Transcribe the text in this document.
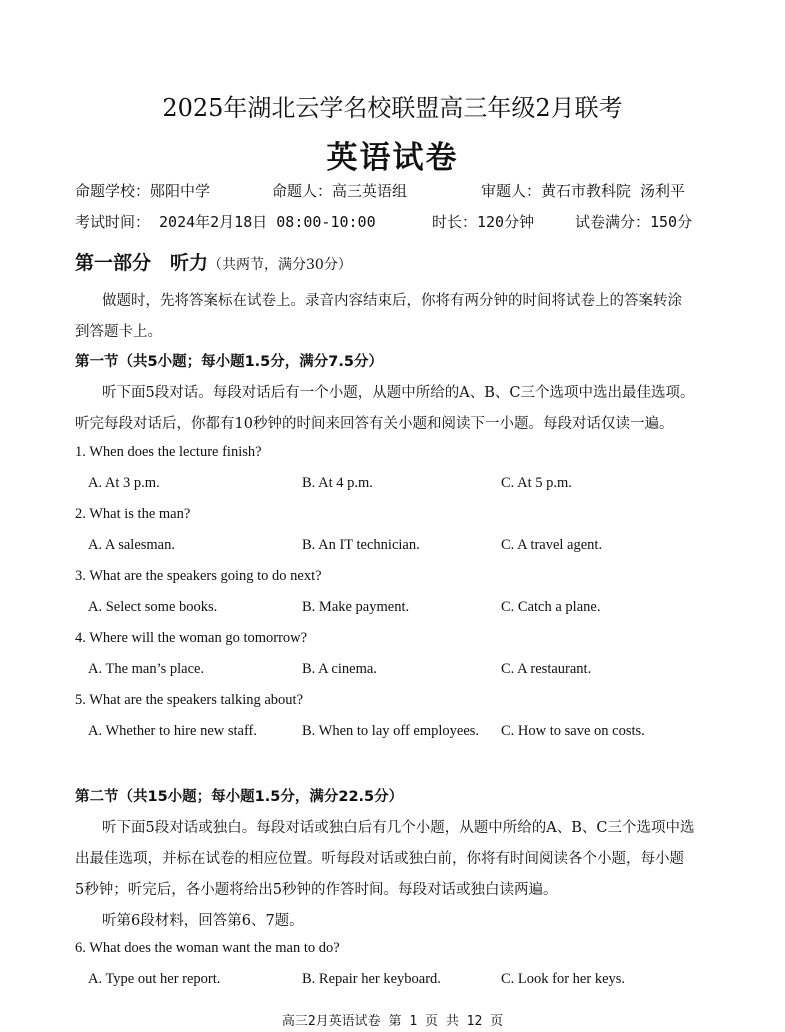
2025年湖北云学名校联盟高三年级2月联考
英语试卷
命题学校：郧阳中学	命题人：高三英语组	审题人：黄石市教科院 汤利平
考试时间： 2024年2月18日 08:00-10:00	时长：120分钟	试卷满分：150分
第一部分　听力（共两节，满分30分）
做题时，先将答案标在试卷上。录音内容结束后，你将有两分钟的时间将试卷上的答案转涂
到答题卡上。
第一节（共5小题；每小题1.5分，满分7.5分）
听下面5段对话。每段对话后有一个小题，从题中所给的A、B、C三个选项中选出最佳选项。
听完每段对话后，你都有10秒钟的时间来回答有关小题和阅读下一小题。每段对话仅读一遍。
1. When does the lecture finish?
A. At 3 p.m.	B. At 4 p.m.	C. At 5 p.m.
2. What is the man?
A. A salesman.	B. An IT technician.	C. A travel agent.
3. What are the speakers going to do next?
A. Select some books.	B. Make payment.	C. Catch a plane.
4. Where will the woman go tomorrow?
A. The man’s place.	B. A cinema.	C. A restaurant.
5. What are the speakers talking about?
A. Whether to hire new staff.	B. When to lay off employees. C. How to save on costs.
第二节（共15小题；每小题1.5分，满分22.5分）
听下面5段对话或独白。每段对话或独白后有几个小题，从题中所给的A、B、C三个选项中选
出最佳选项，并标在试卷的相应位置。听每段对话或独白前，你将有时间阅读各个小题，每小题
5秒钟；听完后，各小题将给出5秒钟的作答时间。每段对话或独白读两遍。
听第6段材料，回答第6、7题。
6. What does the woman want the man to do?
A. Type out her report.	B. Repair her keyboard.	C. Look for her keys.
高三2月英语试卷 第 1 页 共 12 页
